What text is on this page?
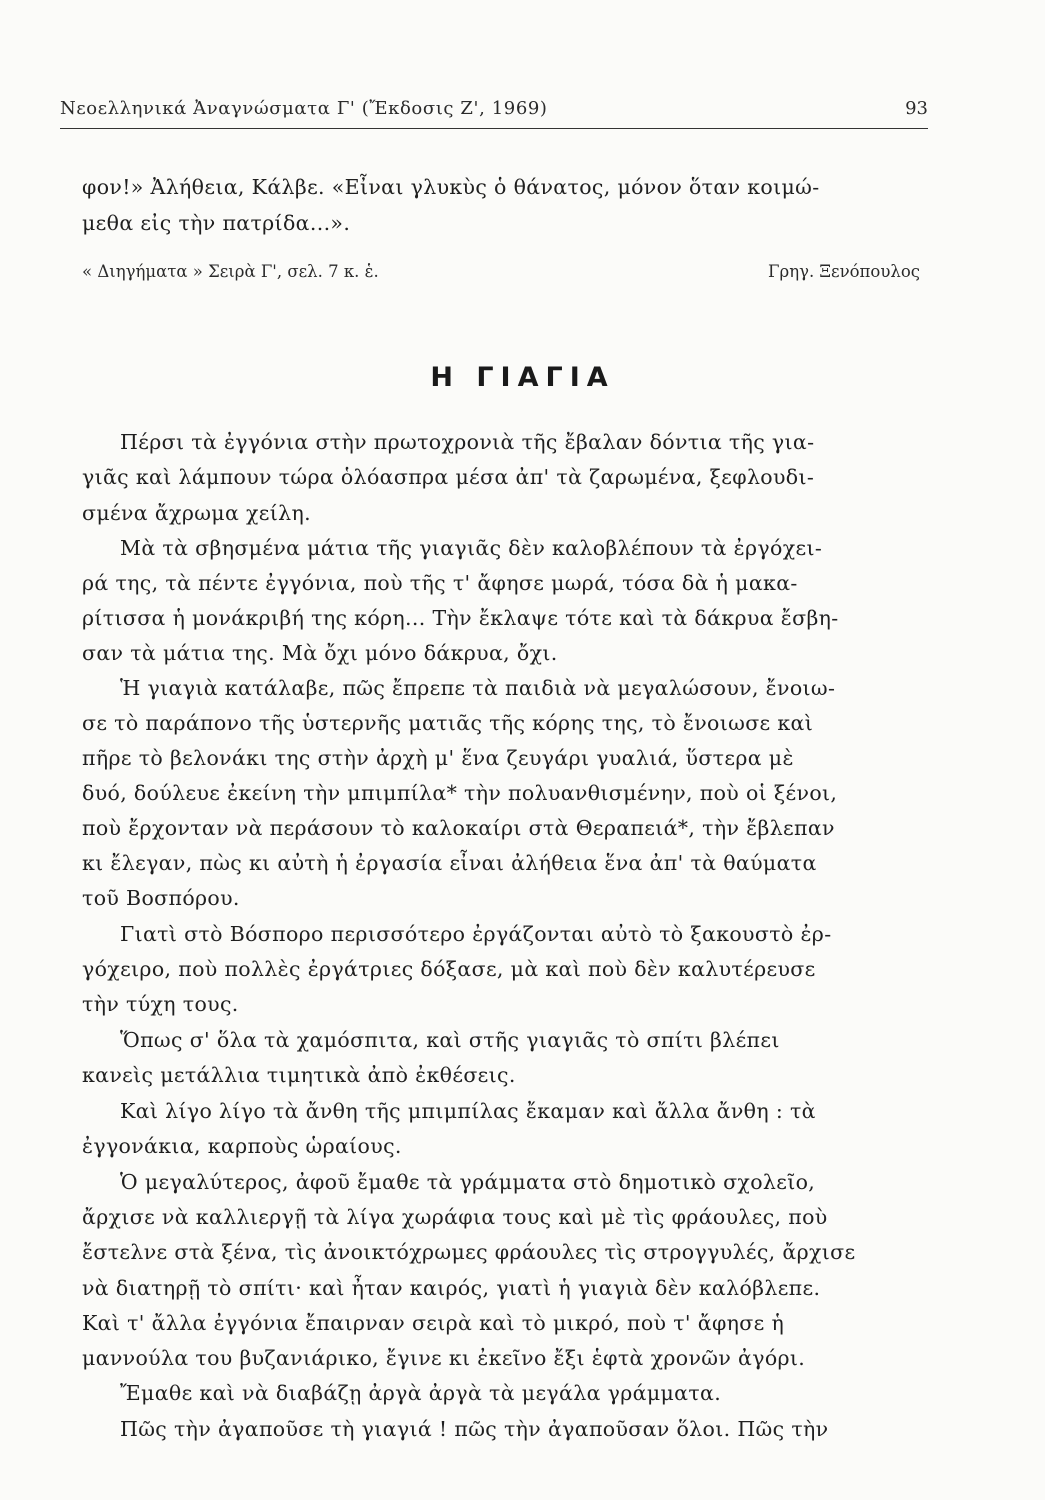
Νεοελληνικά Ἀναγνώσματα Γ' (Ἔκδοσις Ζ', 1969)	93
φον!» Ἀλήθεια, Κάλβε. «Εἶναι γλυκὺς ὁ θάνατος, μόνον ὅταν κοιμώ-
μεθα εἰς τὴν πατρίδα...».
« Διηγήματα » Σειρὰ Γ', σελ. 7 κ. ἑ.	Γρηγ. Ξενόπουλος
Η ΓΙΑΓΙΑ
Πέρσι τὰ ἐγγόνια στὴν πρωτοχρονιὰ τῆς ἔβαλαν δόντια τῆς για-
γιᾶς καὶ λάμπουν τώρα ὁλόασπρα μέσα ἀπ' τὰ ζαρωμένα, ξεφλουδι-
σμένα ἄχρωμα χείλη.
Μὰ τὰ σβησμένα μάτια τῆς γιαγιᾶς δὲν καλοβλέπουν τὰ ἐργόχει-
ρά της, τὰ πέντε ἐγγόνια, ποὺ τῆς τ' ἄφησε μωρά, τόσα δὰ ἡ μακα-
ρίτισσα ἡ μονάκριβή της κόρη... Τὴν ἔκλαψε τότε καὶ τὰ δάκρυα ἔσβη-
σαν τὰ μάτια της. Μὰ ὄχι μόνο δάκρυα, ὄχι.
Ἡ γιαγιὰ κατάλαβε, πῶς ἔπρεπε τὰ παιδιὰ νὰ μεγαλώσουν, ἔνοιω-
σε τὸ παράπονο τῆς ὑστερνῆς ματιᾶς τῆς κόρης της, τὸ ἔνοιωσε καὶ
πῆρε τὸ βελονάκι της στὴν ἀρχὴ μ' ἕνα ζευγάρι γυαλιά, ὕστερα μὲ
δυό, δούλευε ἐκείνη τὴν μπιμπίλα* τὴν πολυανθισμένην, ποὺ οἱ ξένοι,
ποὺ ἔρχονταν νὰ περάσουν τὸ καλοκαίρι στὰ Θεραπειά*, τὴν ἔβλεπαν
κι ἔλεγαν, πὼς κι αὐτὴ ἡ ἐργασία εἶναι ἀλήθεια ἕνα ἀπ' τὰ θαύματα
τοῦ Βοσπόρου.
Γιατὶ στὸ Βόσπορο περισσότερο ἐργάζονται αὐτὸ τὸ ξακουστὸ ἐρ-
γόχειρο, ποὺ πολλὲς ἐργάτριες δόξασε, μὰ καὶ ποὺ δὲν καλυτέρευσε
τὴν τύχη τους.
Ὅπως σ' ὅλα τὰ χαμόσπιτα, καὶ στῆς γιαγιᾶς τὸ σπίτι βλέπει
κανεὶς μετάλλια τιμητικὰ ἀπὸ ἐκθέσεις.
Καὶ λίγο λίγο τὰ ἄνθη τῆς μπιμπίλας ἔκαμαν καὶ ἄλλα ἄνθη : τὰ
ἐγγονάκια, καρποὺς ὡραίους.
Ὁ μεγαλύτερος, ἀφοῦ ἔμαθε τὰ γράμματα στὸ δημοτικὸ σχολεῖο,
ἄρχισε νὰ καλλιεργῇ τὰ λίγα χωράφια τους καὶ μὲ τὶς φράουλες, ποὺ
ἔστελνε στὰ ξένα, τὶς ἀνοικτόχρωμες φράουλες τὶς στρογγυλές, ἄρχισε
νὰ διατηρῇ τὸ σπίτι· καὶ ἦταν καιρός, γιατὶ ἡ γιαγιὰ δὲν καλόβλεπε.
Καὶ τ' ἄλλα ἐγγόνια ἔπαιρναν σειρὰ καὶ τὸ μικρό, ποὺ τ' ἄφησε ἡ
μαννούλα του βυζανιάρικο, ἔγινε κι ἐκεῖνο ἔξι ἑφτὰ χρονῶν ἀγόρι.
Ἔμαθε καὶ νὰ διαβάζῃ ἀργὰ ἀργὰ τὰ μεγάλα γράμματα.
Πῶς τὴν ἀγαποῦσε τὴ γιαγιά ! πῶς τὴν ἀγαποῦσαν ὅλοι. Πῶς τὴν
